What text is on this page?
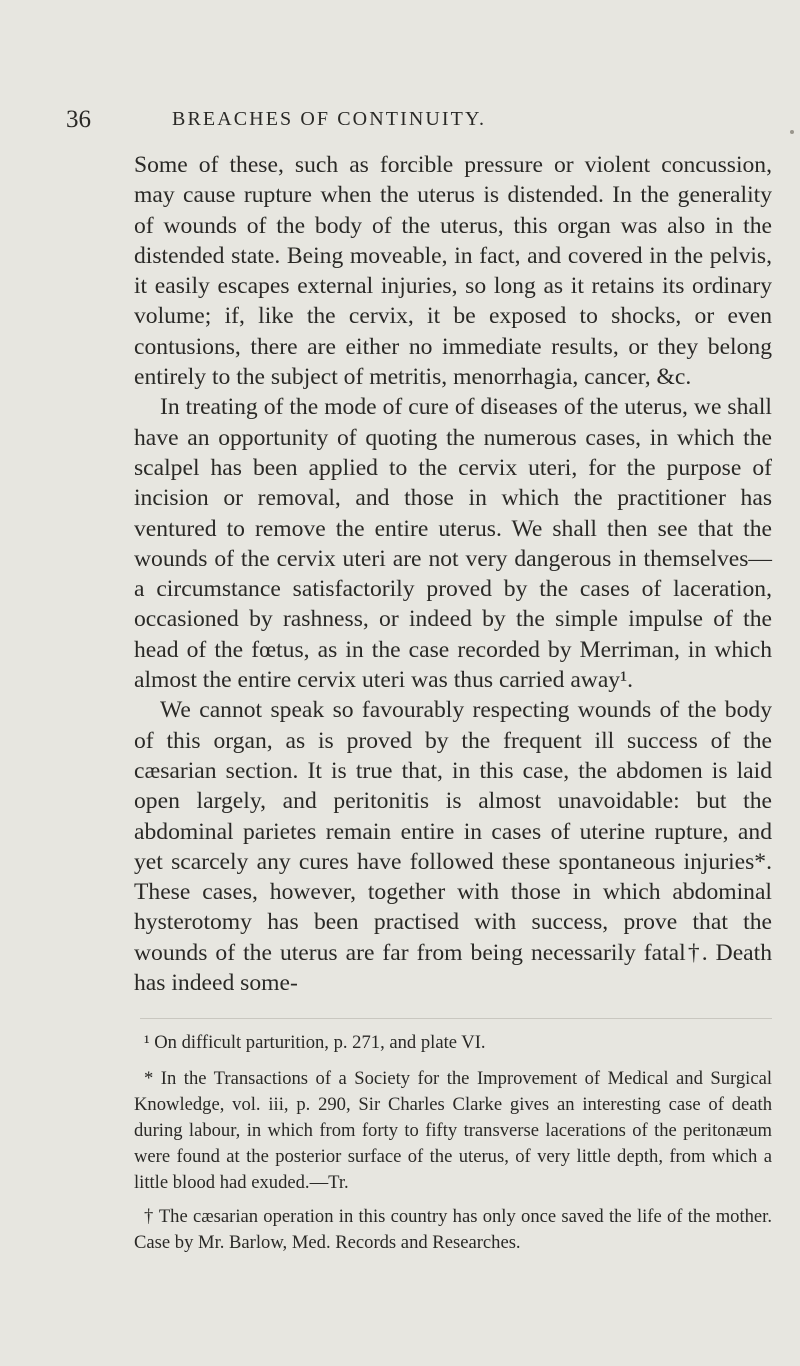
36	BREACHES OF CONTINUITY.

Some of these, such as forcible pressure or violent concussion, may cause rupture when the uterus is distended. In the generality of wounds of the body of the uterus, this organ was also in the distended state. Being moveable, in fact, and covered in the pelvis, it easily escapes external injuries, so long as it retains its ordinary volume; if, like the cervix, it be exposed to shocks, or even contusions, there are either no immediate results, or they belong entirely to the subject of metritis, menorrhagia, cancer, &c.

In treating of the mode of cure of diseases of the uterus, we shall have an opportunity of quoting the numerous cases, in which the scalpel has been applied to the cervix uteri, for the purpose of incision or removal, and those in which the practitioner has ventured to remove the entire uterus. We shall then see that the wounds of the cervix uteri are not very dangerous in themselves—a circumstance satisfactorily proved by the cases of laceration, occasioned by rashness, or indeed by the simple impulse of the head of the fœtus, as in the case recorded by Merriman, in which almost the entire cervix uteri was thus carried away¹.

We cannot speak so favourably respecting wounds of the body of this organ, as is proved by the frequent ill success of the cæsarian section. It is true that, in this case, the abdomen is laid open largely, and peritonitis is almost unavoidable: but the abdominal parietes remain entire in cases of uterine rupture, and yet scarcely any cures have followed these spontaneous injuries*. These cases, however, together with those in which abdominal hysterotomy has been practised with success, prove that the wounds of the uterus are far from being necessarily fatal†. Death has indeed some-

¹ On difficult parturition, p. 271, and plate VI.

* In the Transactions of a Society for the Improvement of Medical and Surgical Knowledge, vol. iii, p. 290, Sir Charles Clarke gives an interesting case of death during labour, in which from forty to fifty transverse lacerations of the peritonæum were found at the posterior surface of the uterus, of very little depth, from which a little blood had exuded.—Tr.

† The cæsarian operation in this country has only once saved the life of the mother. Case by Mr. Barlow, Med. Records and Researches.
